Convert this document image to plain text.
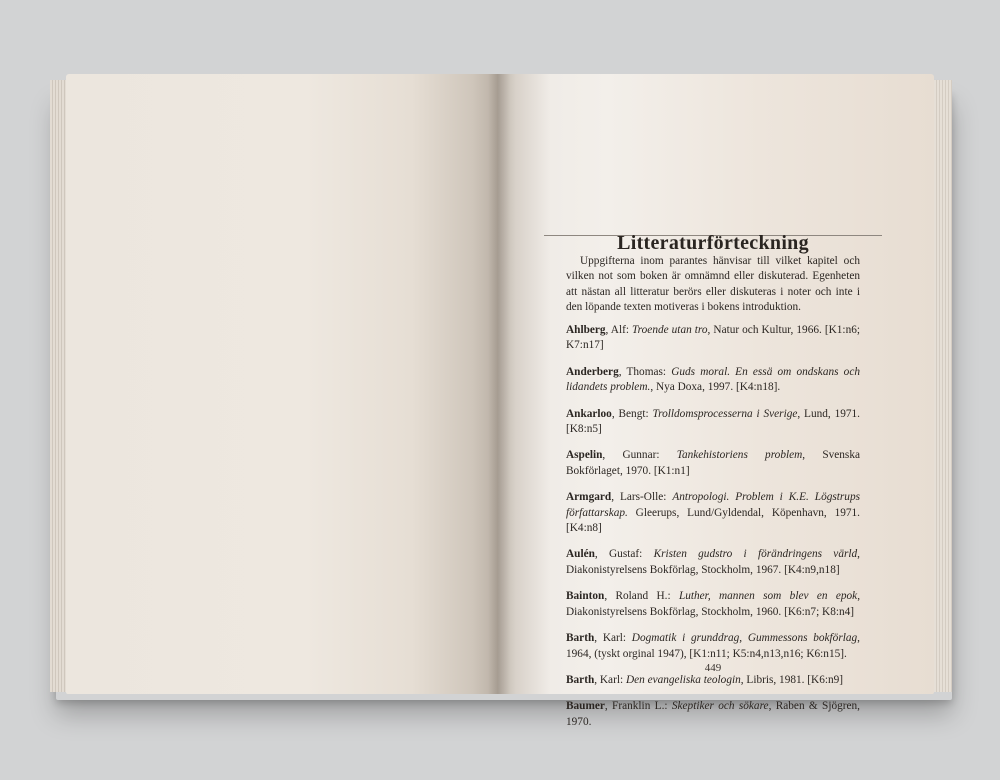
Litteraturförteckning

Uppgifterna inom parantes hänvisar till vilket kapitel och vilken not som boken är omnämnd eller diskuterad. Egenheten att nästan all litteratur berörs eller diskuteras i noter och inte i den löpande texten motiveras i bokens introduktion.

Ahlberg, Alf: Troende utan tro, Natur och Kultur, 1966. [K1:n6; K7:n17]

Anderberg, Thomas: Guds moral. En essä om ondskans och lidandets problem., Nya Doxa, 1997. [K4:n18].

Ankarloo, Bengt: Trolldomsprocesserna i Sverige, Lund, 1971. [K8:n5]

Aspelin, Gunnar: Tankehistoriens problem, Svenska Bokförlaget, 1970. [K1:n1]

Armgard, Lars-Olle: Antropologi. Problem i K.E. Lögstrups författarskap. Gleerups, Lund/Gyldendal, Köpenhavn, 1971. [K4:n8]

Aulén, Gustaf: Kristen gudstro i förändringens värld, Diakonistyrelsens Bokförlag, Stockholm, 1967. [K4:n9,n18]

Bainton, Roland H.: Luther, mannen som blev en epok, Diakonistyrelsens Bokförlag, Stockholm, 1960. [K6:n7; K8:n4]

Barth, Karl: Dogmatik i grunddrag, Gummessons bokförlag, 1964, (tyskt orginal 1947), [K1:n11; K5:n4,n13,n16; K6:n15].

Barth, Karl: Den evangeliska teologin, Libris, 1981. [K6:n9]

Baumer, Franklin L.: Skeptiker och sökare, Raben & Sjögren, 1970.

449
